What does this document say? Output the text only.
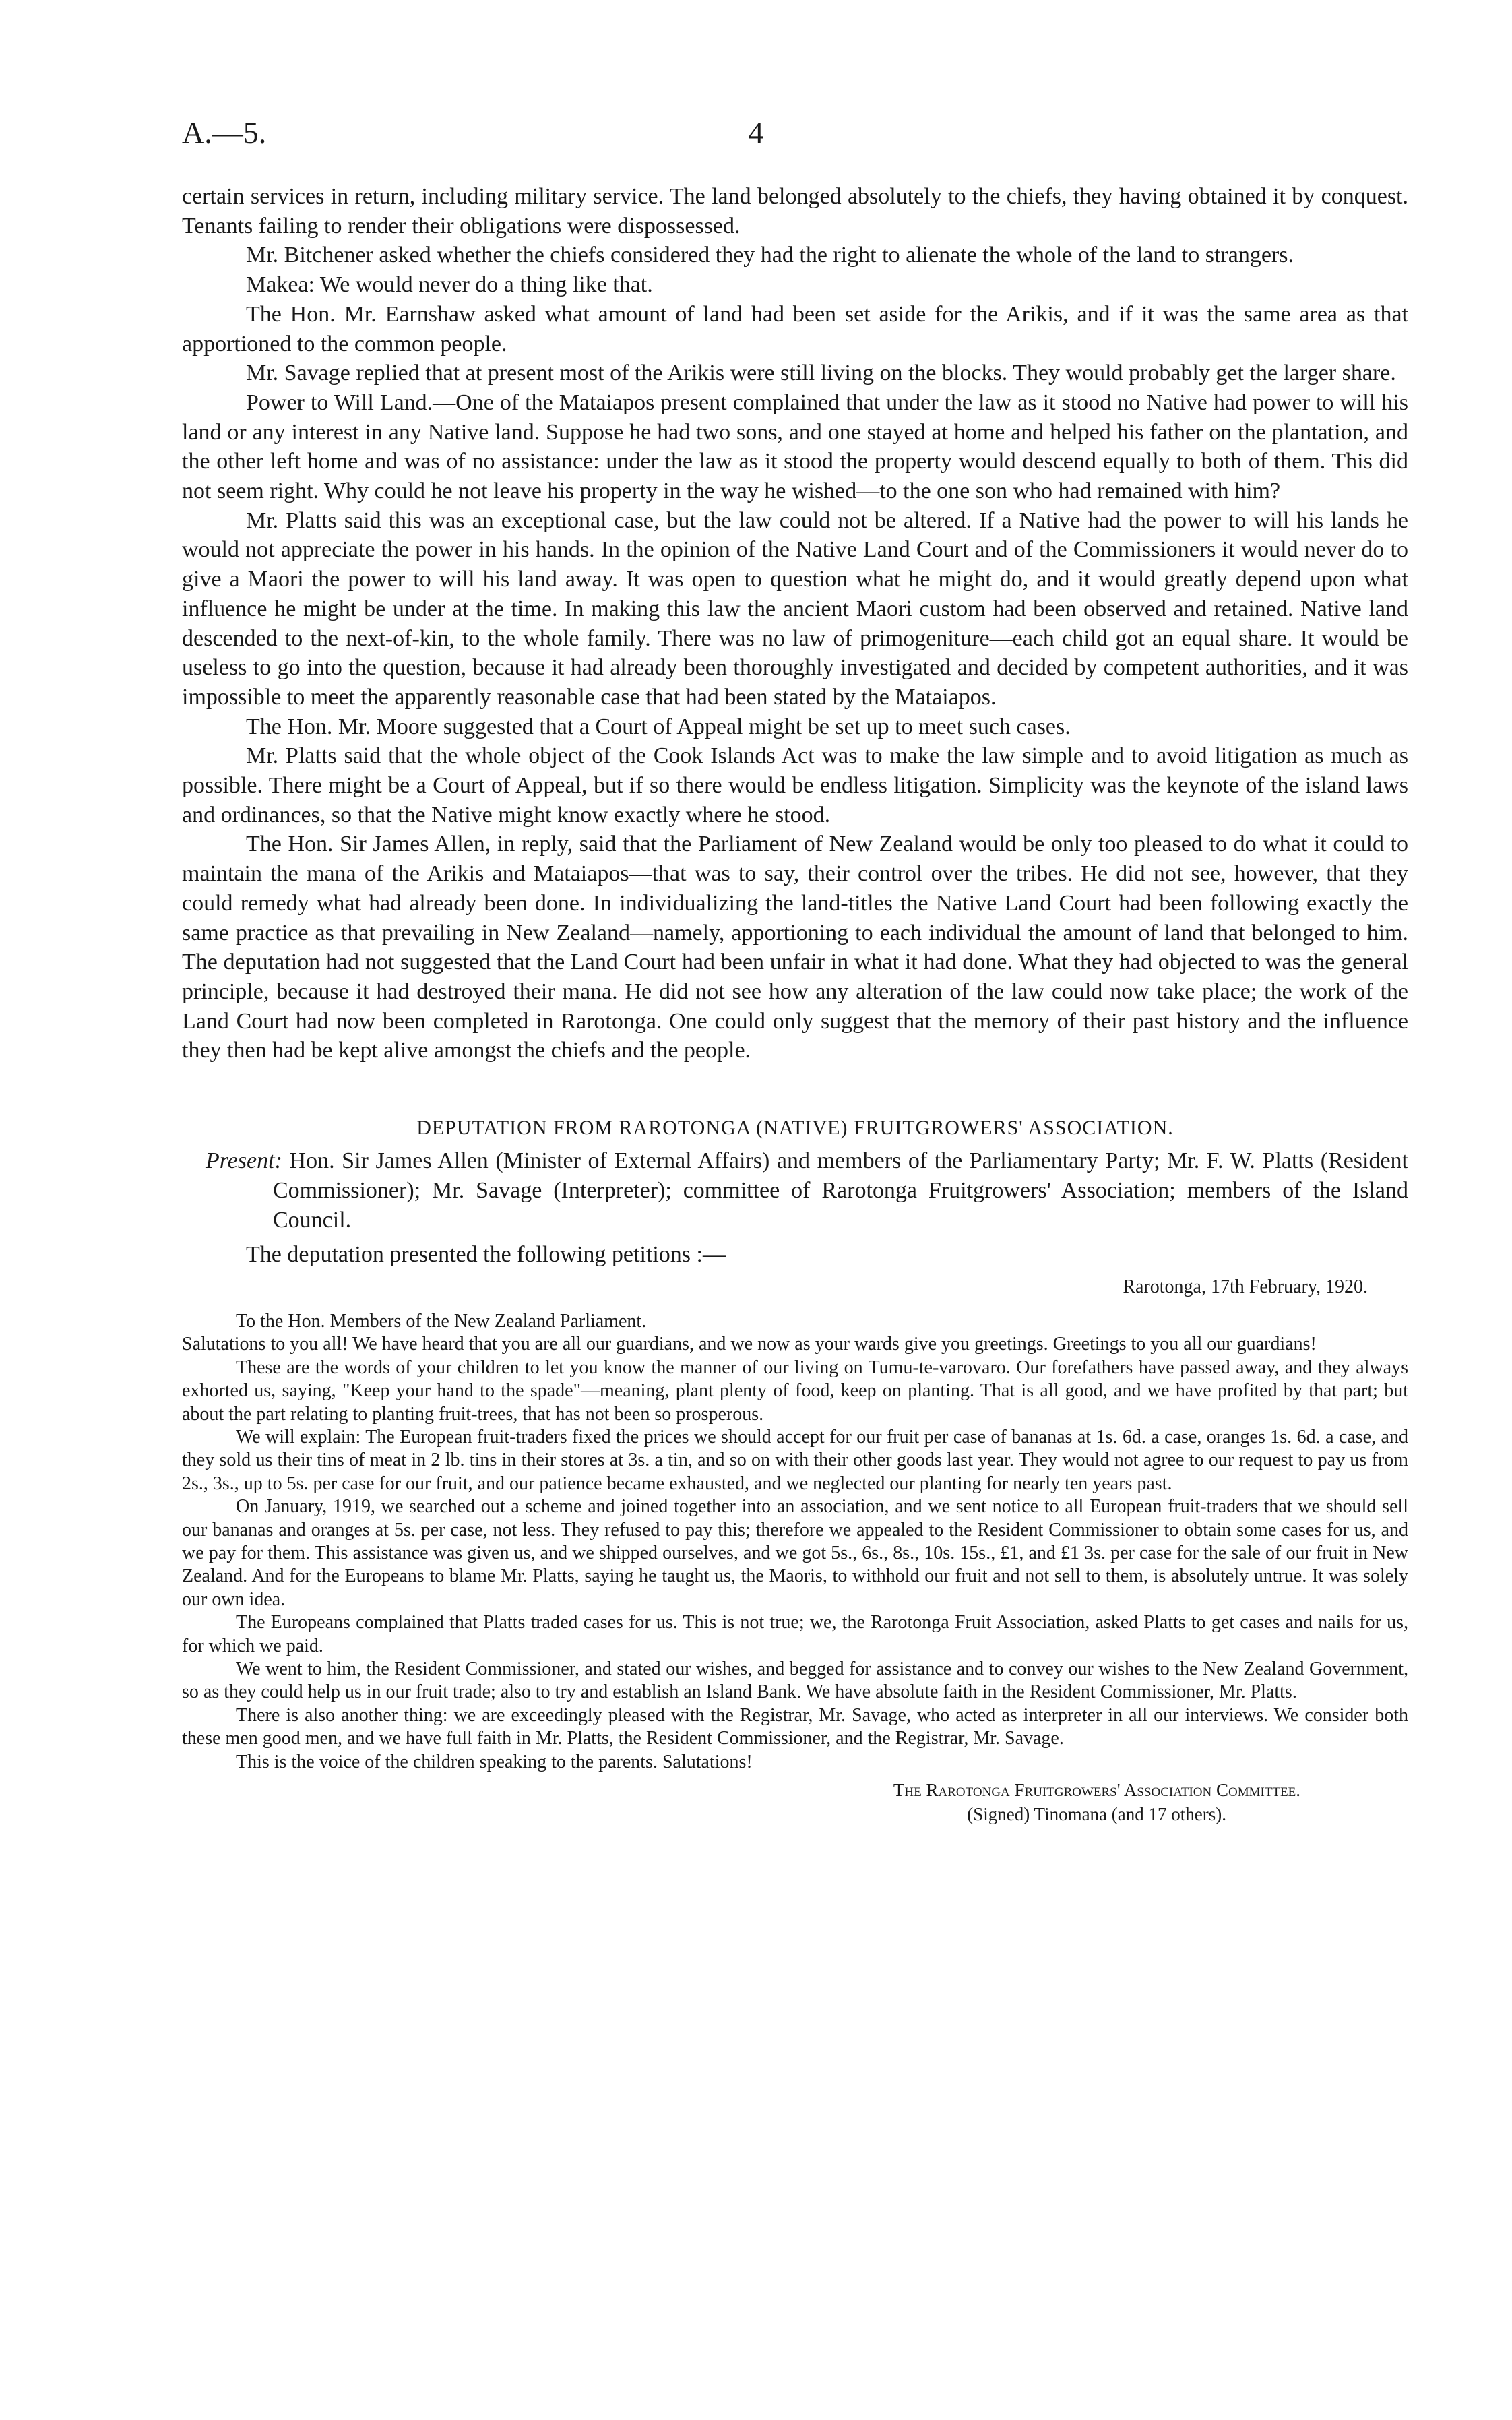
A.—5.	4

certain services in return, including military service. The land belonged absolutely to the chiefs, they having obtained it by conquest. Tenants failing to render their obligations were dispossessed.

Mr. Bitchener asked whether the chiefs considered they had the right to alienate the whole of the land to strangers.

Makea: We would never do a thing like that.

The Hon. Mr. Earnshaw asked what amount of land had been set aside for the Arikis, and if it was the same area as that apportioned to the common people.

Mr. Savage replied that at present most of the Arikis were still living on the blocks. They would probably get the larger share.

Power to Will Land.—One of the Mataiapos present complained that under the law as it stood no Native had power to will his land or any interest in any Native land. Suppose he had two sons, and one stayed at home and helped his father on the plantation, and the other left home and was of no assistance: under the law as it stood the property would descend equally to both of them. This did not seem right. Why could he not leave his property in the way he wished—to the one son who had remained with him?

Mr. Platts said this was an exceptional case, but the law could not be altered. If a Native had the power to will his lands he would not appreciate the power in his hands. In the opinion of the Native Land Court and of the Commissioners it would never do to give a Maori the power to will his land away. It was open to question what he might do, and it would greatly depend upon what influence he might be under at the time. In making this law the ancient Maori custom had been observed and retained. Native land descended to the next-of-kin, to the whole family. There was no law of primogeniture—each child got an equal share. It would be useless to go into the question, because it had already been thoroughly investigated and decided by competent authorities, and it was impossible to meet the apparently reasonable case that had been stated by the Mataiapos.

The Hon. Mr. Moore suggested that a Court of Appeal might be set up to meet such cases.

Mr. Platts said that the whole object of the Cook Islands Act was to make the law simple and to avoid litigation as much as possible. There might be a Court of Appeal, but if so there would be endless litigation. Simplicity was the keynote of the island laws and ordinances, so that the Native might know exactly where he stood.

The Hon. Sir James Allen, in reply, said that the Parliament of New Zealand would be only too pleased to do what it could to maintain the mana of the Arikis and Mataiapos—that was to say, their control over the tribes. He did not see, however, that they could remedy what had already been done. In individualizing the land-titles the Native Land Court had been following exactly the same practice as that prevailing in New Zealand—namely, apportioning to each individual the amount of land that belonged to him. The deputation had not suggested that the Land Court had been unfair in what it had done. What they had objected to was the general principle, because it had destroyed their mana. He did not see how any alteration of the law could now take place; the work of the Land Court had now been completed in Rarotonga. One could only suggest that the memory of their past history and the influence they then had be kept alive amongst the chiefs and the people.

DEPUTATION FROM RAROTONGA (NATIVE) FRUITGROWERS' ASSOCIATION.

Present: Hon. Sir James Allen (Minister of External Affairs) and members of the Parliamentary Party; Mr. F. W. Platts (Resident Commissioner); Mr. Savage (Interpreter); committee of Rarotonga Fruitgrowers' Association; members of the Island Council.

The deputation presented the following petitions :—

Rarotonga, 17th February, 1920.

To the Hon. Members of the New Zealand Parliament.

Salutations to you all! We have heard that you are all our guardians, and we now as your wards give you greetings. Greetings to you all our guardians!

These are the words of your children to let you know the manner of our living on Tumu-te-varovaro. Our forefathers have passed away, and they always exhorted us, saying, "Keep your hand to the spade"—meaning, plant plenty of food, keep on planting. That is all good, and we have profited by that part; but about the part relating to planting fruit-trees, that has not been so prosperous.

We will explain: The European fruit-traders fixed the prices we should accept for our fruit per case of bananas at 1s. 6d. a case, oranges 1s. 6d. a case, and they sold us their tins of meat in 2 lb. tins in their stores at 3s. a tin, and so on with their other goods last year. They would not agree to our request to pay us from 2s., 3s., up to 5s. per case for our fruit, and our patience became exhausted, and we neglected our planting for nearly ten years past.

On January, 1919, we searched out a scheme and joined together into an association, and we sent notice to all European fruit-traders that we should sell our bananas and oranges at 5s. per case, not less. They refused to pay this; therefore we appealed to the Resident Commissioner to obtain some cases for us, and we pay for them. This assistance was given us, and we shipped ourselves, and we got 5s., 6s., 8s., 10s. 15s., £1, and £1 3s. per case for the sale of our fruit in New Zealand. And for the Europeans to blame Mr. Platts, saying he taught us, the Maoris, to withhold our fruit and not sell to them, is absolutely untrue. It was solely our own idea.

The Europeans complained that Platts traded cases for us. This is not true; we, the Rarotonga Fruit Association, asked Platts to get cases and nails for us, for which we paid.

We went to him, the Resident Commissioner, and stated our wishes, and begged for assistance and to convey our wishes to the New Zealand Government, so as they could help us in our fruit trade; also to try and establish an Island Bank. We have absolute faith in the Resident Commissioner, Mr. Platts.

There is also another thing: we are exceedingly pleased with the Registrar, Mr. Savage, who acted as interpreter in all our interviews. We consider both these men good men, and we have full faith in Mr. Platts, the Resident Commissioner, and the Registrar, Mr. Savage.

This is the voice of the children speaking to the parents. Salutations!

The Rarotonga Fruitgrowers' Association Committee.

(Signed) Tinomana (and 17 others).
